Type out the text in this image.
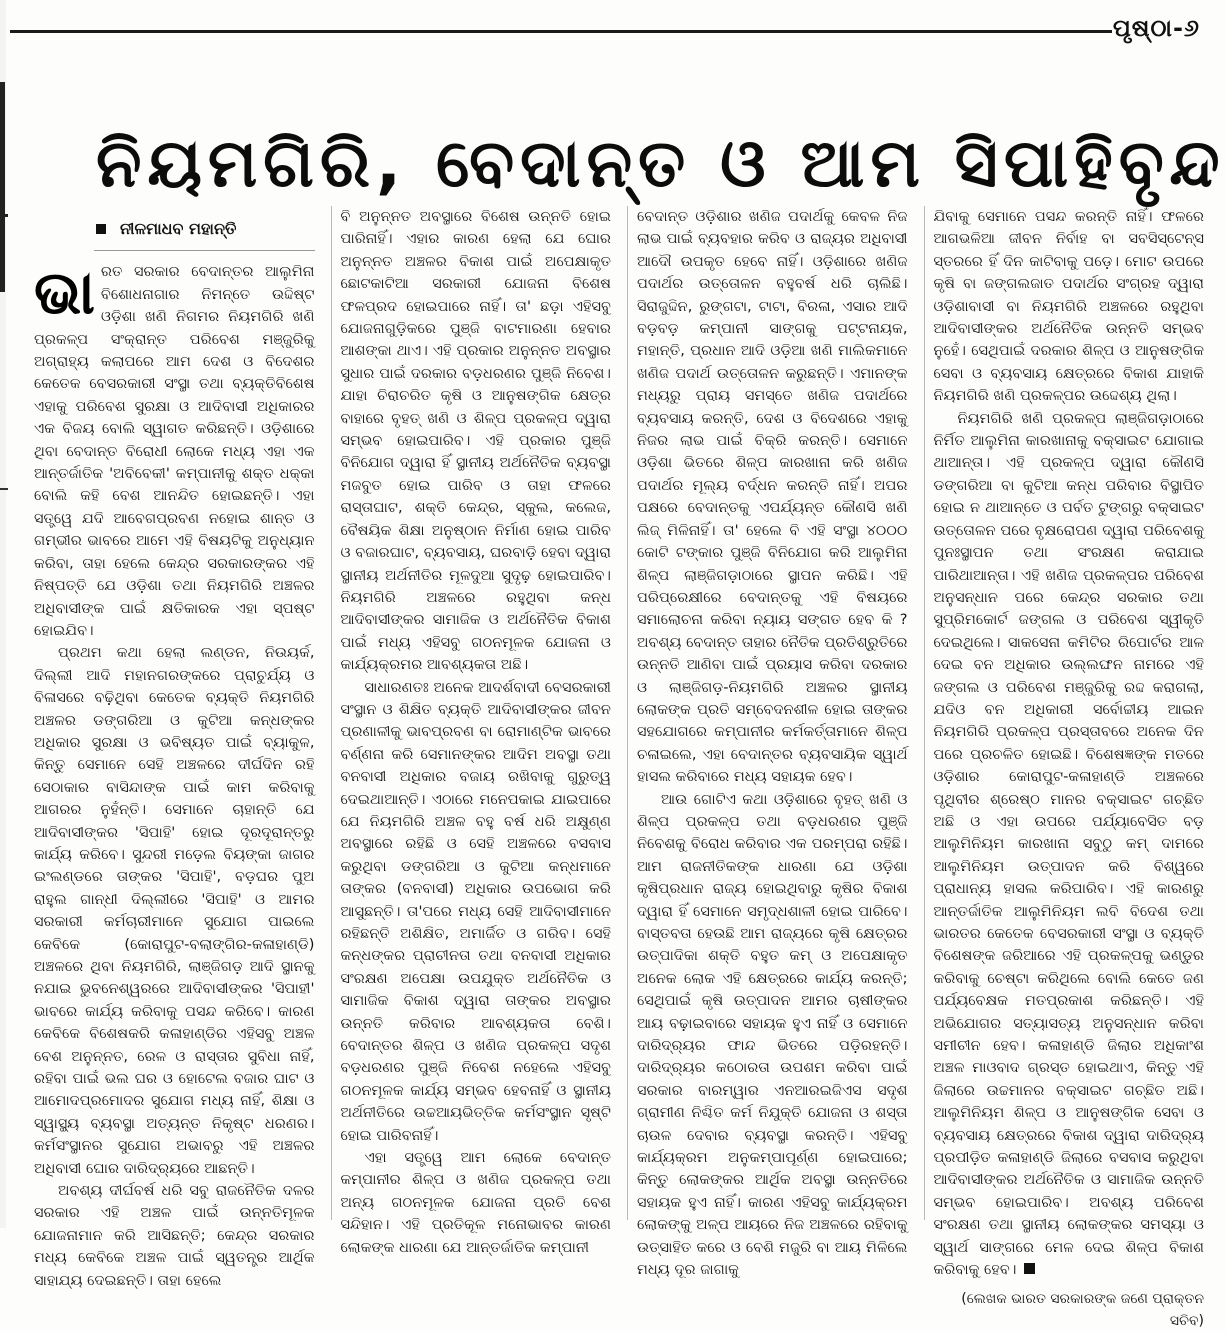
ପୃଷ୍ଠା-୬
ନିୟମଗିରି, ବେଦାନ୍ତ ଓ ଆମ ସିପାହିବୃନ୍ଦ
ନୀଳମାଧବ ମହାନ୍ତି

ଭାରତ ସରକାର ବେଦାନ୍ତର ଆଲୁମିନା ବିଶୋଧନାଗାର ନିମନ୍ତେ ଉଦ୍ଦିଷ୍ଟ ଓଡ଼ିଶା ଖଣି ନିଗମର ନିୟମଗିରି ଖଣି ପ୍ରକଳ୍ପ ସଂକ୍ରାନ୍ତ ପରିବେଶ ମଞ୍ଜୁରିକୁ ଅଗ୍ରାହ୍ୟ କଲାପରେ ଆମ ଦେଶ ଓ ବିଦେଶର କେତେକ ବେସରକାରୀ ସଂସ୍ଥା ତଥା ବ୍ୟକ୍ତିବିଶେଷ ଏହାକୁ ପରିବେଶ ସୁରକ୍ଷା ଓ ଆଦିବାସୀ ଅଧିକାରର ଏକ ବିଜୟ ବୋଲି ସ୍ୱାଗତ କରିଛନ୍ତି। ଓଡ଼ିଶାରେ ଥିବା ବେଦାନ୍ତ ବିରୋଧୀ ଲୋକେ ମଧ୍ୟ ଏହା ଏକ ଆନ୍ତର୍ଜାତିକ 'ଅବିବେକୀ' କମ୍ପାନୀକୁ ଶକ୍ତ ଧକ୍କା ବୋଲି କହି ବେଶ ଆନନ୍ଦିତ ହୋଇଛନ୍ତି। ଏହା ସତ୍ତ୍ୱେ ଯଦି ଆବେଗପ୍ରବଣ ନହୋଇ ଶାନ୍ତ ଓ ଗମ୍ଭୀର ଭାବରେ ଆମେ ଏହି ବିଷୟଟିକୁ ଅନୁଧ୍ୟାନ କରିବା, ତାହା ହେଲେ କେନ୍ଦ୍ର ସରକାରଙ୍କର ଏହି ନିଷ୍ପତ୍ତି ଯେ ଓଡ଼ିଶା ତଥା ନିୟମଗିରି ଅଞ୍ଚଳର ଅଧିବାସୀଙ୍କ ପାଇଁ କ୍ଷତିକାରକ ଏହା ସ୍ପଷ୍ଟ ହୋଇଯିବ।

ପ୍ରଥମ କଥା ହେଲା ଲଣ୍ଡନ, ନିଉୟର୍କ, ଦିଲ୍ଲୀ ଆଦି ମହାନଗରଙ୍କରେ ପ୍ରାଚୁର୍ଯ୍ୟ ଓ ବିଳାସରେ ବଢ଼ିଥିବା କେତେକ ବ୍ୟକ୍ତି ନିୟମଗିରି ଅଞ୍ଚଳର ଡଙ୍ଗରିଆ ଓ କୁଟିଆ କନ୍ଧଙ୍କର ଅଧିକାର ସୁରକ୍ଷା ଓ ଭବିଷ୍ୟତ ପାଇଁ ବ୍ୟାକୁଳ, କିନ୍ତୁ ସେମାନେ ସେହି ଅଞ୍ଚଳରେ ଦୀର୍ଘଦିନ ରହି ସେଠାକାର ବାସିନ୍ଦାଙ୍କ ପାଇଁ କାମ କରିବାକୁ ଆଗରର ନୁହଁନ୍ତି। ସେମାନେ ଚାହାନ୍ତି ଯେ ଆଦିବାସୀଙ୍କର 'ସିପାହି' ହୋଇ ଦୂରଦୂରାନ୍ତରୁ କାର୍ଯ୍ୟ କରିବେ। ସୁନ୍ଦରୀ ମଡ଼େଲ ବିୟଙ୍କା ଜାଗର ଇଂଲଣ୍ଡରେ ତାଙ୍କର 'ସିପାହି', ବଡ଼ଘର ପୁଅ ରାହୁଲ ଗାନ୍ଧୀ ଦିଲ୍ଲୀରେ 'ସିପାହି' ଓ ଆମର ସରକାରୀ କର୍ମଚାରୀମାନେ ସୁଯୋଗ ପାଇଲେ କେବିକେ (କୋରାପୁଟ-ବଲାଙ୍ଗିର-କଳାହାଣ୍ଡି) ଅଞ୍ଚଳରେ ଥିବା ନିୟମଗିରି, ଲାଞ୍ଜିଗଡ଼ ଆଦି ସ୍ଥାନକୁ ନଯାଇ ଭୁବନେଶ୍ୱରରେ ଆଦିବାସୀଙ୍କର 'ସିପାହୀ' ଭାବରେ କାର୍ଯ୍ୟ କରିବାକୁ ପସନ୍ଦ କରିବେ। କାରଣ କେବିକେ ବିଶେଷକରି କଳାହାଣ୍ଡିର ଏହିସବୁ ଅଞ୍ଚଳ ବେଶ ଅନୁନ୍ନତ, ରେଳ ଓ ରାସ୍ତାର ସୁବିଧା ନାହିଁ, ରହିବା ପାଇଁ ଭଲ ଘର ଓ ହୋଟେଲ ବଜାର ଘାଟ ଓ ଆମୋଦପ୍ରମୋଦର ସୁଯୋଗ ମଧ୍ୟ ନାହିଁ, ଶିକ୍ଷା ଓ ସ୍ୱାସ୍ଥ୍ୟ ବ୍ୟବସ୍ଥା ଅତ୍ୟନ୍ତ ନିକୃଷ୍ଟ ଧରଣର। କର୍ମସଂସ୍ଥାନର ସୁଯୋଗ ଅଭାବରୁ ଏହି ଅଞ୍ଚଳର ଅଧିବାସୀ ଘୋର ଦାରିଦ୍ର୍ୟରେ ଆଛନ୍ତି।

ଅବଶ୍ୟ ଦୀର୍ଘବର୍ଷ ଧରି ସବୁ ରାଜନୈତିକ ଦଳର ସରକାର ଏହି ଅଞ୍ଚଳ ପାଇଁ ଉନ୍ନତିମୂଳକ ଯୋଜନାମାନ କରି ଆସିଛନ୍ତି; କେନ୍ଦ୍ର ସରକାର ମଧ୍ୟ କେବିକେ ଅଞ୍ଚଳ ପାଇଁ ସ୍ୱତନ୍ତ୍ର ଆର୍ଥିକ ସାହାଯ୍ୟ ଦେଇଛନ୍ତି। ତାହା ହେଲେ

ବି ଅନୁନ୍ନତ ଅବସ୍ଥାରେ ବିଶେଷ ଉନ୍ନତି ହୋଇ ପାରିନାହିଁ। ଏହାର କାରଣ ହେଲା ଯେ ଘୋର ଅନୁନ୍ନତ ଅଞ୍ଚଳର ବିକାଶ ପାଇଁ ଅପେକ୍ଷାକୃତ ଛୋଟକାଟିଆ ସରକାରୀ ଯୋଜନା ବିଶେଷ ଫଳପ୍ରଦ ହୋଇପାରେ ନାହିଁ। ତା' ଛଡ଼ା ଏହିସବୁ ଯୋଜନାଗୁଡ଼ିକରେ ପୁଞ୍ଜି ବାଟମାରଣା ହେବାର ଆଶଙ୍କା ଥାଏ। ଏହି ପ୍ରକାର ଅନୁନ୍ନତ ଅବସ୍ଥାର ସୁଧାର ପାଇଁ ଦରକାର ବଡ଼ଧରଣର ପୁଞ୍ଜି ନିବେଶ। ଯାହା ଚିରାଚରିତ କୃଷି ଓ ଆନୁଷଙ୍ଗିକ କ୍ଷେତ୍ର ବାହାରେ ବୃହତ୍ ଖଣି ଓ ଶିଳ୍ପ ପ୍ରକଳ୍ପ ଦ୍ୱାରା ସମ୍ଭବ ହୋଇପାରିବ। ଏହି ପ୍ରକାର ପୁଞ୍ଜି ବିନିଯୋଗ ଦ୍ୱାରା ହିଁ ସ୍ଥାନୀୟ ଅର୍ଥନୈତିକ ବ୍ୟବସ୍ଥା ମଜବୁତ ହୋଇ ପାରିବ ଓ ତାହା ଫଳରେ ରାସ୍ତାଘାଟ, ଶକ୍ତି କେନ୍ଦ୍ର, ସ୍କୁଲ, କଲେଜ, ବୈଷୟିକ ଶିକ୍ଷା ଅନୁଷ୍ଠାନ ନିର୍ମାଣ ହୋଇ ପାରିବ ଓ ବଜାରଘାଟ, ବ୍ୟବସାୟ, ଘରବାଡ଼ି ହେବା ଦ୍ୱାରା ସ୍ଥାନୀୟ ଅର୍ଥନୀତିର ମୂଳଦୁଆ ସୁଦୃଢ଼ ହୋଇପାରିବ। ନିୟମଗିରି ଅଞ୍ଚଳରେ ରହୁଥିବା କନ୍ଧ ଆଦିବାସୀଙ୍କର ସାମାଜିକ ଓ ଅର୍ଥନୈତିକ ବିକାଶ ପାଇଁ ମଧ୍ୟ ଏହିସବୁ ଗଠନମୂଳକ ଯୋଜନା ଓ କାର୍ଯ୍ୟକ୍ରମର ଆବଶ୍ୟକତା ଅଛି।

ସାଧାରଣତଃ ଅନେକ ଆଦର୍ଶବାଦୀ ବେସରକାରୀ ସଂସ୍ଥାନ ଓ ଶିକ୍ଷିତ ବ୍ୟକ୍ତି ଆଦିବାସୀଙ୍କର ଜୀବନ ପ୍ରଣାଳୀକୁ ଭାବପ୍ରବଣ ବା ରୋମାଣ୍ଟିକ ଭାବରେ ବର୍ଣ୍ଣନା କରି ସେମାନଙ୍କର ଆଦିମ ଅବସ୍ଥା ତଥା ବନବାସୀ ଅଧିକାର ବଜାୟ ରଖିବାକୁ ଗୁରୁତ୍ୱ ଦେଇଥାଆନ୍ତି। ଏଠାରେ ମନେପକାଇ ଯାଇପାରେ ଯେ ନିୟମଗିରି ଅଞ୍ଚଳ ବହୁ ବର୍ଷ ଧରି ଅକ୍ଷୁଣ୍ଣ ଅବସ୍ଥାରେ ରହିଛି ଓ ସେହି ଅଞ୍ଚଳରେ ବସବାସ କରୁଥିବା ଡଙ୍ଗରିଆ ଓ କୁଟିଆ କନ୍ଧମାନେ ତାଙ୍କର (ବନବାସୀ) ଅଧିକାର ଉପଭୋଗ କରି ଆସୁଛନ୍ତି। ତା'ପରେ ମଧ୍ୟ ସେହି ଆଦିବାସୀମାନେ ରହିଛନ୍ତି ଅଶିକ୍ଷିତ, ଅମାର୍ଜିତ ଓ ଗରିବ। ସେହି କନ୍ଧଙ୍କର ପ୍ରାଚୀନତା ତଥା ବନବାସୀ ଅଧିକାର ସଂରକ୍ଷଣ ଅପେକ୍ଷା ଉପଯୁକ୍ତ ଅର୍ଥନୈତିକ ଓ ସାମାଜିକ ବିକାଶ ଦ୍ୱାରା ତାଙ୍କର ଅବସ୍ଥାର ଉନ୍ନତି କରିବାର ଆବଶ୍ୟକତା ବେଶି। ବେଦାନ୍ତର ଶିଳ୍ପ ଓ ଖଣିଜ ପ୍ରକଳ୍ପ ସଦୃଶ ବଡ଼ଧରଣର ପୁଞ୍ଜି ନିବେଶ ନହେଲେ ଏହିସବୁ ଗଠନମୂଳକ କାର୍ଯ୍ୟ ସମ୍ଭବ ହେବନାହିଁ ଓ ସ୍ଥାନୀୟ ଅର୍ଥନୀତିରେ ଉଚ୍ଚଆୟଭିତ୍ତିକ କର୍ମସଂସ୍ଥାନ ସୃଷ୍ଟି ହୋଇ ପାରିବନାହିଁ।

ଏହା ସତ୍ତ୍ୱେ ଆମ ଲୋକେ ବେଦାନ୍ତ କମ୍ପାନୀର ଶିଳ୍ପ ଓ ଖଣିଜ ପ୍ରକଳ୍ପ ତଥା ଅନ୍ୟ ଗଠନମୂଳକ ଯୋଜନା ପ୍ରତି ବେଶ ସନ୍ଦିହାନ। ଏହି ପ୍ରତିକୂଳ ମନୋଭାବର କାରଣ ଲୋକଙ୍କ ଧାରଣା ଯେ ଆନ୍ତର୍ଜାତିକ କମ୍ପାନୀ

ବେଦାନ୍ତ ଓଡ଼ିଶାର ଖଣିଜ ପଦାର୍ଥକୁ କେବଳ ନିଜ ଲାଭ ପାଇଁ ବ୍ୟବହାର କରିବ ଓ ରାଜ୍ୟର ଅଧିବାସୀ ଆଦୌ ଉପକୃତ ହେବେ ନାହିଁ। ଓଡ଼ିଶାରେ ଖଣିଜ ପଦାର୍ଥର ଉତ୍ତୋଳନ ବହୁବର୍ଷ ଧରି ଚାଲିଛି। ସିରାଜୁଦ୍ଦିନ, ରୁଙ୍ଗଟା, ଟାଟା, ବିରଳା, ଏସାର ଆଦି ବଡ଼ବଡ଼ କମ୍ପାନୀ ସାଙ୍ଗକୁ ପଟ୍ଟନାୟକ, ମହାନ୍ତି, ପ୍ରଧାନ ଆଦି ଓଡ଼ିଆ ଖଣି ମାଲିକମାନେ ଖଣିଜ ପଦାର୍ଥ ଉତ୍ତୋଳନ କରୁଛନ୍ତି। ଏମାନଙ୍କ ମଧ୍ୟରୁ ପ୍ରାୟ ସମସ୍ତେ ଖଣିଜ ପଦାର୍ଥରେ ବ୍ୟବସାୟ କରନ୍ତି, ଦେଶ ଓ ବିଦେଶରେ ଏହାକୁ ନିଜର ଲାଭ ପାଇଁ ବିକ୍ରି କରନ୍ତି। ସେମାନେ ଓଡ଼ିଶା ଭିତରେ ଶିଳ୍ପ କାରଖାନା କରି ଖଣିଜ ପଦାର୍ଥର ମୂଲ୍ୟ ବର୍ଦ୍ଧନ କରନ୍ତି ନାହିଁ। ଅପର ପକ୍ଷରେ ବେଦାନ୍ତକୁ ଏପର୍ଯ୍ୟନ୍ତ କୌଣସି ଖଣି ଲିଜ୍ ମିଳିନାହିଁ। ତା' ହେଲେ ବି ଏହି ସଂସ୍ଥା ୪୦୦୦ କୋଟି ଟଙ୍କାର ପୁଞ୍ଜି ବିନିଯୋଗ କରି ଆଲୁମିନା ଶିଳ୍ପ ଲାଞ୍ଜିଗଡ଼ାଠାରେ ସ୍ଥାପନ କରିଛି। ଏହି ପରିପ୍ରେକ୍ଷୀରେ ବେଦାନ୍ତକୁ ଏହି ବିଷୟରେ ସମାଲୋଚନା କରିବା ନ୍ୟାୟ ସଙ୍ଗତ ହେବ କି ? ଅବଶ୍ୟ ବେଦାନ୍ତ ତାହାର ନୈତିକ ପ୍ରତିଶ୍ରୁତିରେ ଉନ୍ନତି ଆଣିବା ପାଇଁ ପ୍ରୟାସ କରିବା ଦରକାର ଓ ଲାଞ୍ଜିଗଡ଼-ନିୟମଗିରି ଅଞ୍ଚଳର ସ୍ଥାନୀୟ ଲୋକଙ୍କ ପ୍ରତି ସମ୍ବେଦନଶୀଳ ହୋଇ ତାଙ୍କର ସହଯୋଗରେ କମ୍ପାନୀର କର୍ମକର୍ତ୍ତାମାନେ ଶିଳ୍ପ ଚଳାଇଲେ, ଏହା ବେଦାନ୍ତର ବ୍ୟବସାୟିକ ସ୍ୱାର୍ଥ ହାସଲ କରିବାରେ ମଧ୍ୟ ସହାୟକ ହେବ।

ଆଉ ଗୋଟିଏ କଥା ଓଡ଼ିଶାରେ ବୃହତ୍ ଖଣି ଓ ଶିଳ୍ପ ପ୍ରକଳ୍ପ ତଥା ବଡ଼ଧରଣର ପୁଞ୍ଜି ନିବେଶକୁ ବିରୋଧ କରିବାର ଏକ ପରମ୍ପରା ରହିଛି। ଆମ ରାଜନୀତିକଙ୍କ ଧାରଣା ଯେ ଓଡ଼ିଶା କୃଷିପ୍ରଧାନ ରାଜ୍ୟ ହୋଇଥିବାରୁ କୃଷିର ବିକାଶ ଦ୍ୱାରା ହିଁ ସେମାନେ ସମୃଦ୍ଧଶାଳୀ ହୋଇ ପାରିବେ। ବାସ୍ତବତା ହେଉଛି ଆମ ରାଜ୍ୟରେ କୃଷି କ୍ଷେତ୍ରର ଉତ୍ପାଦିକା ଶକ୍ତି ବହୁତ କମ୍ ଓ ଅପେକ୍ଷାକୃତ ଅନେକ ଲୋକ ଏହି କ୍ଷେତ୍ରରେ କାର୍ଯ୍ୟ କରନ୍ତି; ସେଥିପାଇଁ କୃଷି ଉତ୍ପାଦନ ଆମର ଚାଷୀଙ୍କର ଆୟ ବଢ଼ାଇବାରେ ସହାୟକ ହୁଏ ନାହିଁ ଓ ସେମାନେ ଦାରିଦ୍ର୍ୟର ଫାନ୍ଦ ଭିତରେ ପଡ଼ିରହନ୍ତି। ଦାରିଦ୍ର୍ୟର କଠୋରତା ଉପଶମ କରିବା ପାଇଁ ସରକାର ବାରମ୍ୱାର ଏନଆରଇଜିଏସ ସଦୃଶ ଗ୍ରାମୀଣ ନିଶ୍ଚିତ କର୍ମ ନିଯୁକ୍ତି ଯୋଜନା ଓ ଶସ୍ତା ଚାଉଳ ଦେବାର ବ୍ୟବସ୍ଥା କରନ୍ତି। ଏହିସବୁ କାର୍ଯ୍ୟକ୍ରମ ଅନୁକମ୍ପାପୂର୍ଣ୍ଣ ହୋଇପାରେ; କିନ୍ତୁ ଲୋକଙ୍କର ଆର୍ଥିକ ଅବସ୍ଥା ଉନ୍ନତିରେ ସହାୟକ ହୁଏ ନାହିଁ। କାରଣ ଏହିସବୁ କାର୍ଯ୍ୟକ୍ରମ ଲୋକଙ୍କୁ ଅଳ୍ପ ଆୟରେ ନିଜ ଅଞ୍ଚଳରେ ରହିବାକୁ ଉତ୍ସାହିତ କରେ ଓ ବେଶି ମଜୁରି ବା ଆୟ ମିଳିଲେ ମଧ୍ୟ ଦୂର ଜାଗାକୁ

ଯିବାକୁ ସେମାନେ ପସନ୍ଦ କରନ୍ତି ନାହିଁ। ଫଳରେ ଆଗଭଳିଆ ଜୀବନ ନିର୍ବାହ ବା ସବସିସ୍ଟେନ୍ସ ସ୍ତରରେ ହିଁ ଦିନ କାଟିବାକୁ ପଡ଼େ। ମୋଟ ଉପରେ କୃଷି ବା ଜଙ୍ଗଲଜାତ ପଦାର୍ଥର ସଂଗ୍ରହ ଦ୍ୱାରା ଓଡ଼ିଶାବାସୀ ବା ନିୟମଗିରି ଅଞ୍ଚଳରେ ରହୁଥିବା ଆଦିବାସୀଙ୍କର ଅର୍ଥନୈତିକ ଉନ୍ନତି ସମ୍ଭବ ନୁହେଁ। ସେଥିପାଇଁ ଦରକାର ଶିଳ୍ପ ଓ ଆନୁଷଙ୍ଗିକ ସେବା ଓ ବ୍ୟବସାୟ କ୍ଷେତ୍ରରେ ବିକାଶ ଯାହାକି ନିୟମଗିରି ଖଣି ପ୍ରକଳ୍ପର ଉଦ୍ଦେଶ୍ୟ ଥିଲା।

ନିୟମଗିରି ଖଣି ପ୍ରକଳ୍ପ ଲାଞ୍ଜିଗଡ଼ାଠାରେ ନିର୍ମିତ ଆଲୁମିନା କାରଖାନାକୁ ବକ୍ସାଇଟ ଯୋଗାଇ ଥାଆନ୍ତା। ଏହି ପ୍ରକଳ୍ପ ଦ୍ୱାରା କୌଣସି ଡଙ୍ଗରିଆ ବା କୁଟିଆ କନ୍ଧ ପରିବାର ବିସ୍ଥାପିତ ହୋଇ ନ ଥାଆନ୍ତେ ଓ ପର୍ବତ ଟୁଙ୍ଗରୁ ବକ୍ସାଇଟ ଉତ୍ତୋଳନ ପରେ ବୃକ୍ଷରୋପଣ ଦ୍ୱାରା ପରିବେଶକୁ ପୁନଃସ୍ଥାପନ ତଥା ସଂରକ୍ଷଣ କରାଯାଇ ପାରିଥାଆନ୍ତା। ଏହି ଖଣିଜ ପ୍ରକଳ୍ପର ପରିବେଶ ଅନୁସନ୍ଧାନ ପରେ କେନ୍ଦ୍ର ସରକାର ତଥା ସୁପ୍ରିମକୋର୍ଟ ଜଙ୍ଗଲ ଓ ପରିବେଶ ସ୍ୱୀକୃତି ଦେଇଥିଲେ। ସାକସେନା କମିଟିର ରିପୋର୍ଟର ଆଳ ଦେଇ ବନ ଅଧିକାର ଉଲ୍ଲଙ୍ଘନ ନାମରେ ଏହି ଜଙ୍ଗଲ ଓ ପରିବେଶ ମଞ୍ଜୁରିକୁ ରଦ୍ଦ କରାଗଲା, ଯଦିଓ ବନ ଅଧିକାରୀ ସର୍ବୋଚ୍ଚୀୟ ଆଇନ ନିୟମଗିରି ପ୍ରକଳ୍ପ ପ୍ରସ୍ତାବରେ ଅନେକ ଦିନ ପରେ ପ୍ରଚଳିତ ହୋଇଛି। ବିଶେଷଜ୍ଞଙ୍କ ମତରେ ଓଡ଼ିଶାର କୋରାପୁଟ-କଳାହାଣ୍ଡି ଅଞ୍ଚଳରେ ପୃଥିବୀର ଶ୍ରେଷ୍ଠ ମାନର ବକ୍ସାଇଟ ଗଚ୍ଛିତ ଅଛି ଓ ଏହା ଉପରେ ପର୍ଯ୍ୟାବେସିତ ବଡ଼ ଆଲୁମିନିୟମ କାରଖାନା ସବୁଠୁ କମ୍ ଦାମରେ ଆଲୁମିନିୟମ ଉତ୍ପାଦନ କରି ବିଶ୍ୱରେ ପ୍ରାଧାନ୍ୟ ହାସଲ କରିପାରିବ। ଏହି କାରଣରୁ ଆନ୍ତର୍ଜାତିକ ଆଲୁମିନିୟମ ଲବି ବିଦେଶ ତଥା ଭାରତର କେତେକ ବେସରକାରୀ ସଂସ୍ଥା ଓ ବ୍ୟକ୍ତି ବିଶେଷଙ୍କ ଜରିଆରେ ଏହି ପ୍ରକଳ୍ପକୁ ଭଣ୍ଡୁର କରିବାକୁ ଚେଷ୍ଟା କରିଥିଲେ ବୋଲି କେତେ ଜଣ ପର୍ଯ୍ୟବେକ୍ଷକ ମତପ୍ରକାଶ କରିଛନ୍ତି। ଏହି ଅଭିଯୋଗର ସତ୍ୟାସତ୍ୟ ଅନୁସନ୍ଧାନ କରିବା ସମୀଚୀନ ହେବ। କଳାହାଣ୍ଡି ଜିଲାର ଅଧିକାଂଶ ଅଞ୍ଚଳ ମାଓବାଦ ଗ୍ରସ୍ତ ହୋଇଥାଏ, କିନ୍ତୁ ଏହି ଜିଲାରେ ଉଚ୍ଚମାନର ବକ୍ସାଇଟ ଗଚ୍ଛିତ ଅଛି। ଆଲୁମିନିୟମ ଶିଳ୍ପ ଓ ଆନୁଷଙ୍ଗିକ ସେବା ଓ ବ୍ୟବସାୟ କ୍ଷେତ୍ରରେ ବିକାଶ ଦ୍ୱାରା ଦାରିଦ୍ର୍ୟ ପ୍ରପୀଡ଼ିତ କଳାହାଣ୍ଡି ଜିଲାରେ ବସବାସ କରୁଥିବା ଆଦିବାସୀଙ୍କର ଅର୍ଥନୈତିକ ଓ ସାମାଜିକ ଉନ୍ନତି ସମ୍ଭବ ହୋଇପାରିବ। ଅବଶ୍ୟ ପରିବେଶ ସଂରକ୍ଷଣ ତଥା ସ୍ଥାନୀୟ ଲୋକଙ୍କର ସମସ୍ୟା ଓ ସ୍ୱାର୍ଥ ସାଙ୍ଗରେ ମେଳ ଦେଇ ଶିଳ୍ପ ବିକାଶ କରିବାକୁ ହେବ।

(ଲେଖକ ଭାରତ ସରକାରଙ୍କ ଜଣେ ପ୍ରାକ୍ତନ ସଚିବ)
